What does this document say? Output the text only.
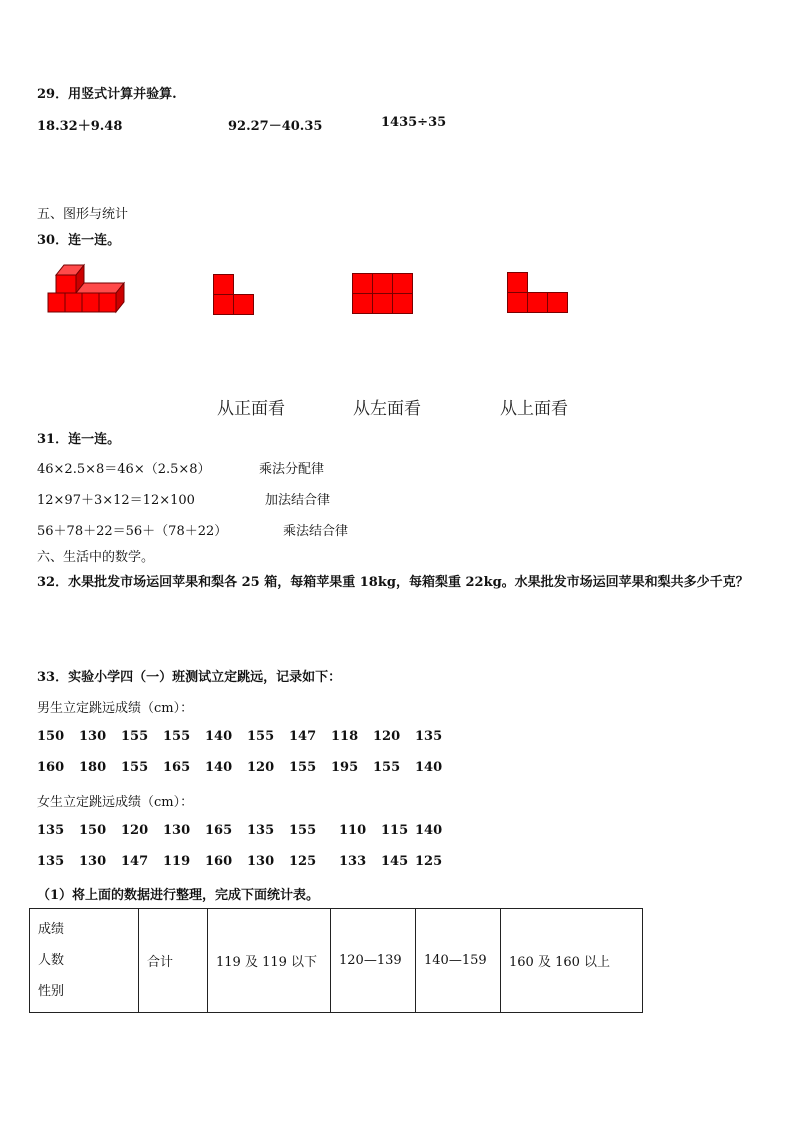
29．用竖式计算并验算.
18.32＋9.48	92.27－40.35	1435÷35
五、图形与统计
30．连一连。
从正面看	从左面看	从上面看
31．连一连。
46×2.5×8＝46×（2.5×8）
12×97＋3×12＝12×100
56＋78＋22＝56＋（78＋22）
乘法分配律
加法结合律
乘法结合律
六、生活中的数学。
32．水果批发市场运回苹果和梨各 25 箱，每箱苹果重 18kg，每箱梨重 22kg。水果批发市场运回苹果和梨共多少千克？
33．实验小学四（一）班测试立定跳远，记录如下：
男生立定跳远成绩（cm）：
150 130 155 155 140 155 147 118 120 135
160 180 155 165 140 120 155 195 155 140
女生立定跳远成绩（cm）：
135 150 120 130 165 135 155 110 115 140
135 130 147 119 160 130 125 133 145 125
（1）将上面的数据进行整理，完成下面统计表。
成绩
人数
性别
	合计	119 及 119 以下	120—139	140—159	160 及 160 以上
